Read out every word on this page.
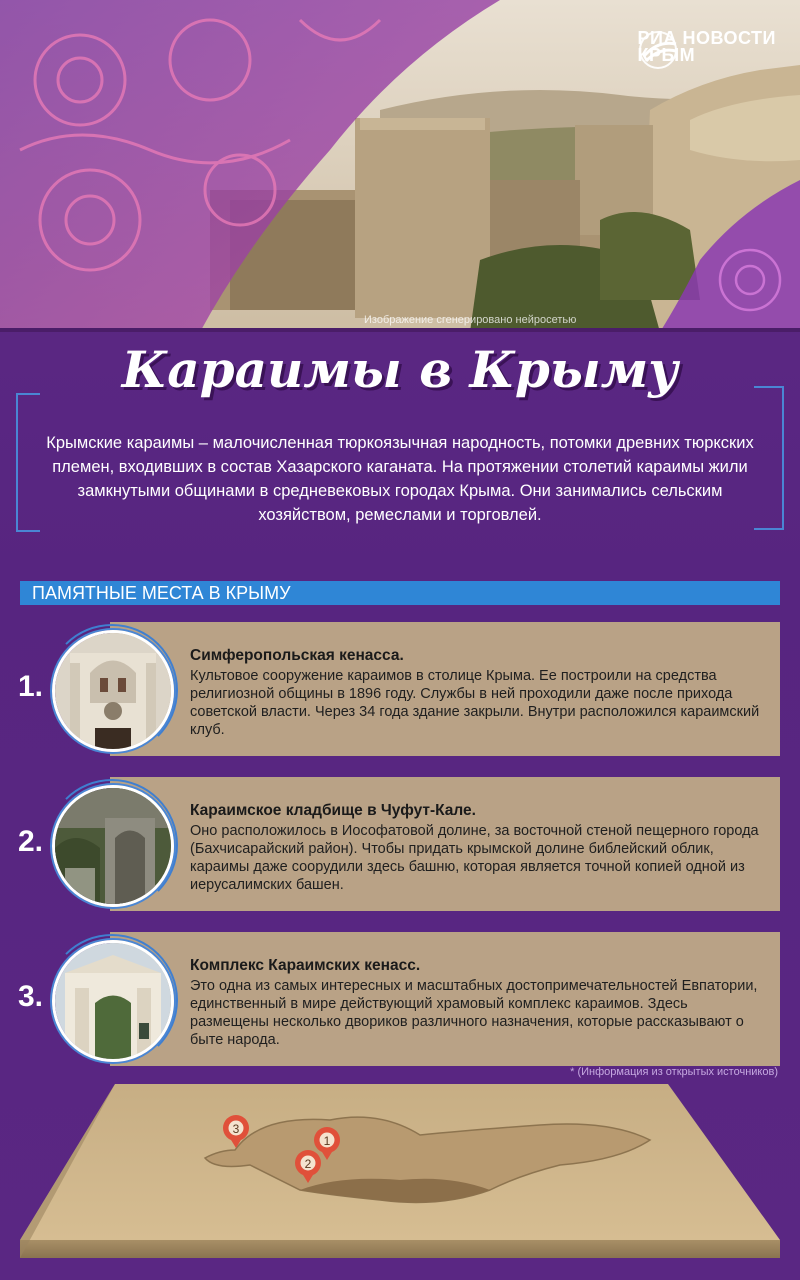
РИА НОВОСТИ
КРЫМ
Изображение сгенерировано нейросетью
Караимы в Крыму
Крымские караимы – малочисленная тюркоязычная народность, потомки древних тюркских племен, входивших в состав Хазарского каганата. На протяжении столетий караимы жили замкнутыми общинами в средневековых городах Крыма. Они занимались сельским хозяйством, ремеслами и торговлей.
ПАМЯТНЫЕ МЕСТА В КРЫМУ
Симферопольская кенасса.
Культовое сооружение караимов в столице Крыма. Ее построили на средства религиозной общины в 1896 году. Службы в ней проходили даже после прихода советской власти. Через 34 года здание закрыли. Внутри расположился караимский клуб.
1.
Караимское кладбище в Чуфут-Кале.
Оно расположилось в Иософатовой долине, за восточной стеной пещерного города (Бахчисарайский район). Чтобы придать крымской долине библейский облик, караимы даже соорудили здесь башню, которая является точной копией одной из иерусалимских башен.
2.
Комплекс Караимских кенасс.
Это одна из самых интересных и масштабных достопримечательностей Евпатории, единственный в мире действующий храмовый комплекс караимов. Здесь размещены несколько двориков различного назначения, которые рассказывают о быте народа.
3.
* (Информация из открытых источников)
3
1
2
